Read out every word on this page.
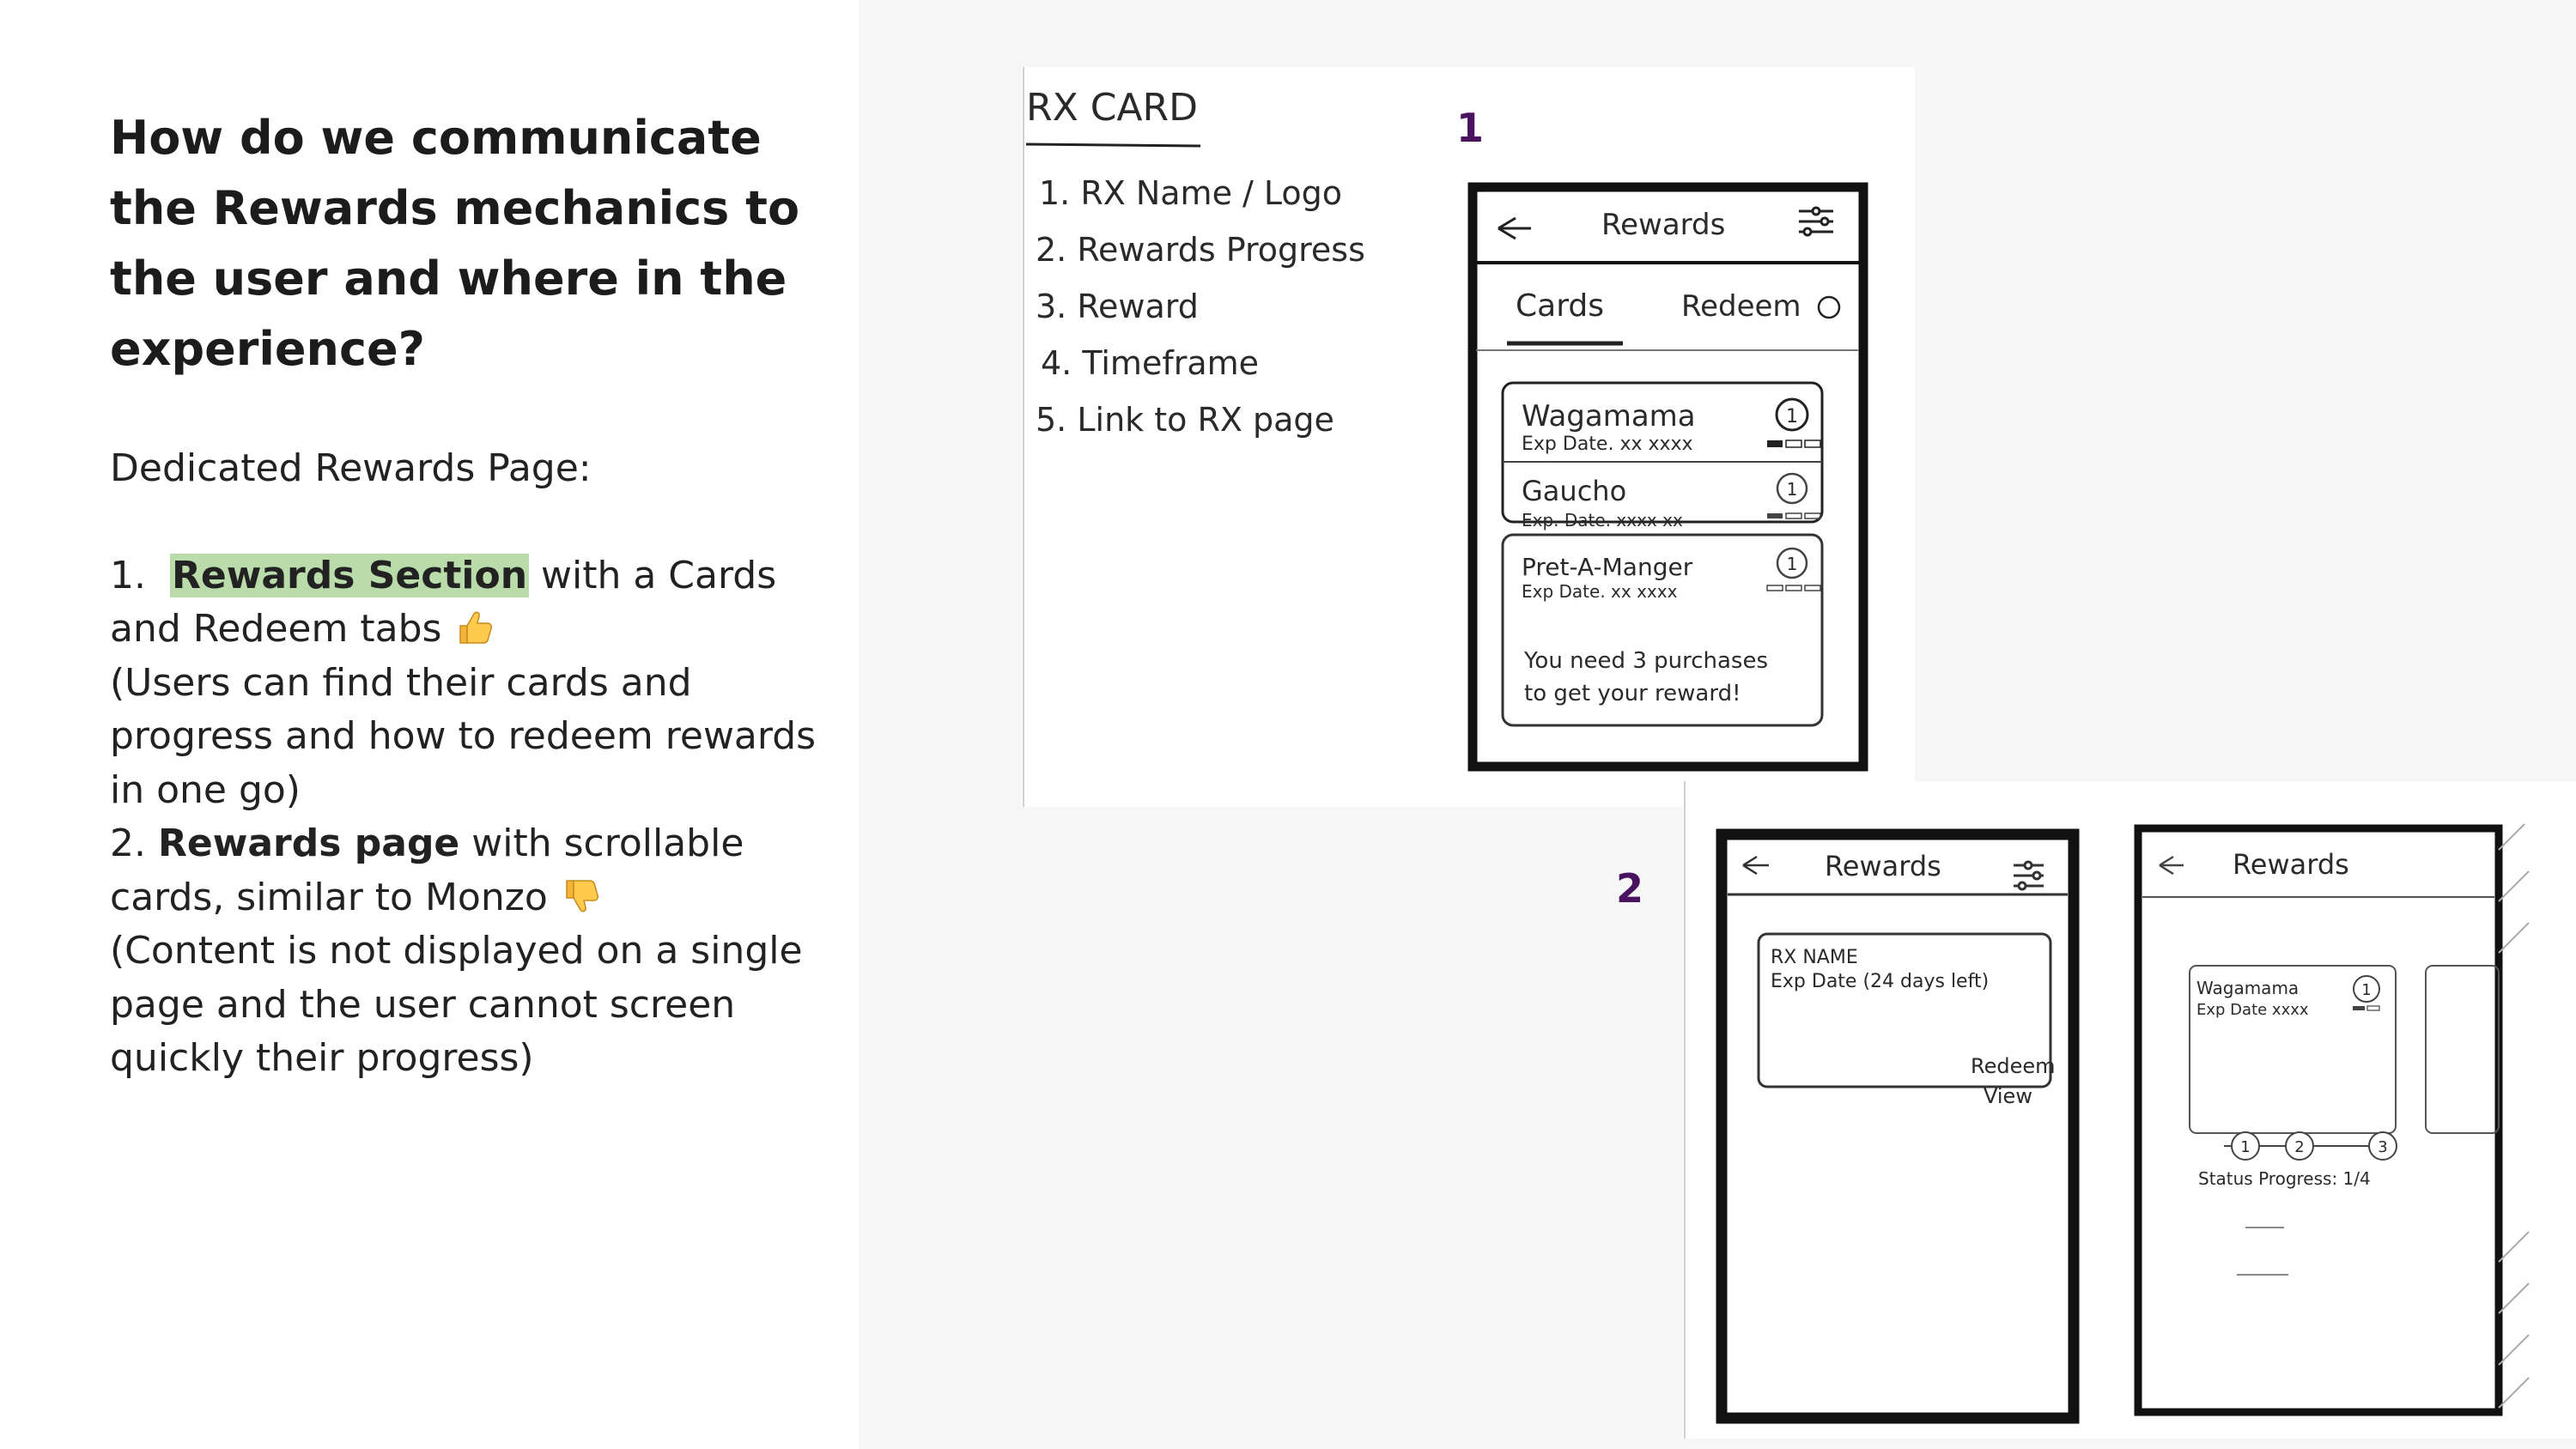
How do we communicate the Rewards mechanics to the user and where in the experience?

Dedicated Rewards Page:

1. Rewards Section with a Cards and Redeem tabs

(Users can find their cards and progress and how to redeem rewards in one go)

2. Rewards page with scrollable cards, similar to Monzo

(Content is not displayed on a single page and the user cannot screen quickly their progress)

RX CARD
1. RX Name / Logo
2. Rewards Progress
3. Reward
4. Timeframe
5. Link to RX page
Rewards
Cards	Redeem
Wagamama
Exp Date. xx xxxx
1
Gaucho
Exp. Date. xxxx xx
1
Pret-A-Manger
Exp Date. xx xxxx
1
You need 3 purchases
to get your reward!
1
Rewards
RX NAME
Exp Date (24 days left)
Redeem
View
Rewards
Wagamama
Exp Date xxxx
1
1	2	3
Status Progress: 1/4
2
